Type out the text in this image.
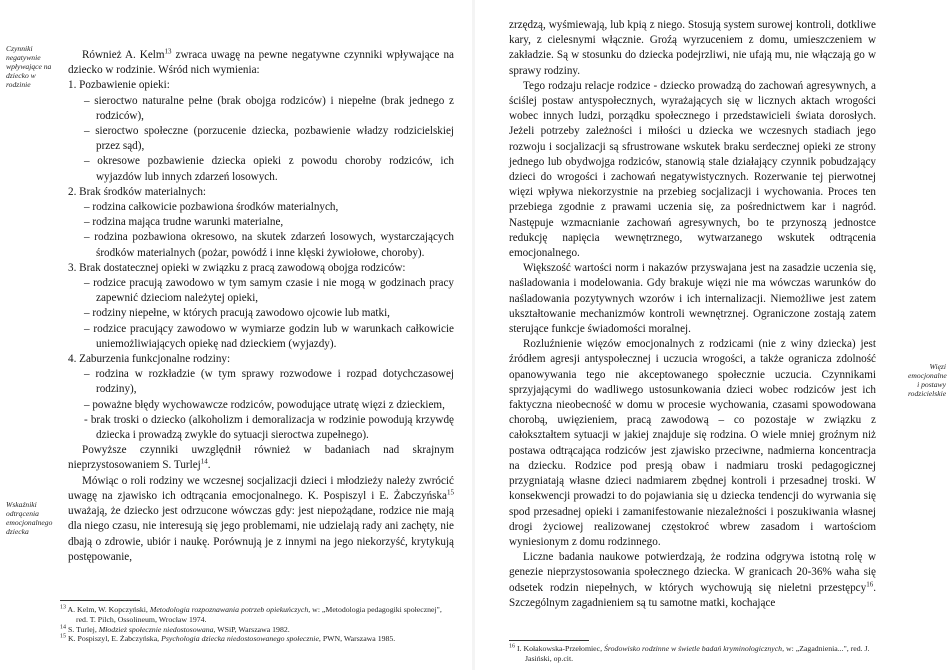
Czynniki negatywnie wpływające na dziecko w rodzinie
Wskaźniki odtrącenia emocjonalnego dziecka

Również A. Kelm$^{13}$ zwraca uwagę na pewne negatywne czynniki wpływające na dziecko w rodzinie. Wśród nich wymienia:

1. Pozbawienie opieki:

– sieroctwo naturalne pełne (brak obojga rodziców) i niepełne (brak jednego z rodziców),

– sieroctwo społeczne (porzucenie dziecka, pozbawienie władzy rodzicielskiej przez sąd),

– okresowe pozbawienie dziecka opieki z powodu choroby rodziców, ich wyjazdów lub innych zdarzeń losowych.

2. Brak środków materialnych:

– rodzina całkowicie pozbawiona środków materialnych,

– rodzina mająca trudne warunki materialne,

– rodzina pozbawiona okresowo, na skutek zdarzeń losowych, wystarczających środków materialnych (pożar, powódź i inne klęski żywiołowe, choroby).

3. Brak dostatecznej opieki w związku z pracą zawodową obojga rodziców:

– rodzice pracują zawodowo w tym samym czasie i nie mogą w godzinach pracy zapewnić dzieciom należytej opieki,

– rodziny niepełne, w których pracują zawodowo ojcowie lub matki,

– rodzice pracujący zawodowo w wymiarze godzin lub w warunkach całkowicie uniemożliwiających opiekę nad dzieckiem (wyjazdy).

4. Zaburzenia funkcjonalne rodziny:

– rodzina w rozkładzie (w tym sprawy rozwodowe i rozpad dotychczasowej rodziny),

– poważne błędy wychowawcze rodziców, powodujące utratę więzi z dzieckiem,

- brak troski o dziecko (alkoholizm i demoralizacja w rodzinie powodują krzywdę dziecka i prowadzą zwykle do sytuacji sieroctwa zupełnego).

Powyższe czynniki uwzględnił również w badaniach nad skrajnym nieprzystosowaniem S. Turlej$^{14}$.

Mówiąc o roli rodziny we wczesnej socjalizacji dzieci i młodzieży należy zwrócić uwagę na zjawisko ich odtrącania emocjonalnego. K. Pospiszyl i E. Żabczyńska$^{15}$ uważają, że dziecko jest odrzucone wówczas gdy: jest niepożądane, rodzice nie mają dla niego czasu, nie interesują się jego problemami, nie udzielają rady ani zachęty, nie dbają o zdrowie, ubiór i naukę. Porównują je z innymi na jego niekorzyść, krytykują postępowanie,

$^{13}$ A. Kelm, W. Kopczyński, Metodologia rozpoznawania potrzeb opiekuńczych, w: „Metodologia pedagogiki społecznej", red. T. Pilch, Ossolineum, Wrocław 1974.

$^{14}$ S. Turlej, Młodzież społecznie niedostosowana, WSiP, Warszawa 1982.

$^{15}$ K. Pospiszyl, E. Żabczyńska, Psychologia dziecka niedostosowanego społecznie, PWN, Warszawa 1985.

zrzędzą, wyśmiewają, lub kpią z niego. Stosują system surowej kontroli, dotkliwe kary, z cielesnymi włącznie. Groźą wyrzuceniem z domu, umieszczeniem w zakładzie. Są w stosunku do dziecka podejrzliwi, nie ufają mu, nie włączają go w sprawy rodziny.

Tego rodzaju relacje rodzice - dziecko prowadzą do zachowań agresywnych, a ściślej postaw antyspołecznych, wyrażających się w licznych aktach wrogości wobec innych ludzi, porządku społecznego i przedstawicieli świata dorosłych. Jeżeli potrzeby zależności i miłości u dziecka we wczesnych stadiach jego rozwoju i socjalizacji są sfrustrowane wskutek braku serdecznej opieki ze strony jednego lub obydwojga rodziców, stanowią stale działający czynnik pobudzający dzieci do wrogości i zachowań negatywistycznych. Rozerwanie tej pierwotnej więzi wpływa niekorzystnie na przebieg socjalizacji i wychowania. Proces ten przebiega zgodnie z prawami uczenia się, za pośrednictwem kar i nagród. Następuje wzmacnianie zachowań agresywnych, bo te przynoszą jednostce redukcję napięcia wewnętrznego, wytwarzanego wskutek odtrącenia emocjonalnego.

Większość wartości norm i nakazów przyswajana jest na zasadzie uczenia się, naśladowania i modelowania. Gdy brakuje więzi nie ma wówczas warunków do naśladowania pozytywnych wzorów i ich internalizacji. Niemożliwe jest zatem ukształtowanie mechanizmów kontroli wewnętrznej. Ograniczone zostają zatem sterujące funkcje świadomości moralnej.

Rozluźnienie więzów emocjonalnych z rodzicami (nie z winy dziecka) jest źródłem agresji antyspołecznej i uczucia wrogości, a także ogranicza zdolność opanowywania tego nie akceptowanego społecznie uczucia. Czynnikami sprzyjającymi do wadliwego ustosunkowania dzieci wobec rodziców jest ich faktyczna nieobecność w domu w procesie wychowania, czasami spowodowana chorobą, uwięzieniem, pracą zawodową – co pozostaje w związku z całokształtem sytuacji w jakiej znajduje się rodzina. O wiele mniej groźnym niż postawa odtrącająca rodziców jest zjawisko przeciwne, nadmierna koncentracja na dziecku. Rodzice pod presją obaw i nadmiaru troski pedagogicznej przygniatają własne dzieci nadmiarem zbędnej kontroli i przesadnej troski. W konsekwencji prowadzi to do pojawiania się u dziecka tendencji do wyrwania się spod przesadnej opieki i zamanifestowanie niezależności i poszukiwania własnej drogi życiowej realizowanej częstokroć wbrew zasadom i wartościom wyniesionym z domu rodzinnego.

Liczne badania naukowe potwierdzają, że rodzina odgrywa istotną rolę w genezie nieprzystosowania społecznego dziecka. W granicach 20-36% waha się odsetek rodzin niepełnych, w których wychowują się nieletni przestępcy$^{16}$. Szczególnym zagadnieniem są tu samotne matki, kochające

Więzi emocjonalne i postawy rodzicielskie

$^{16}$ I. Kołakowska-Przełomiec, Środowisko rodzinne w świetle badań kryminologicznych, w: „Zagadnienia...", red. J. Jasiński, op.cit.
